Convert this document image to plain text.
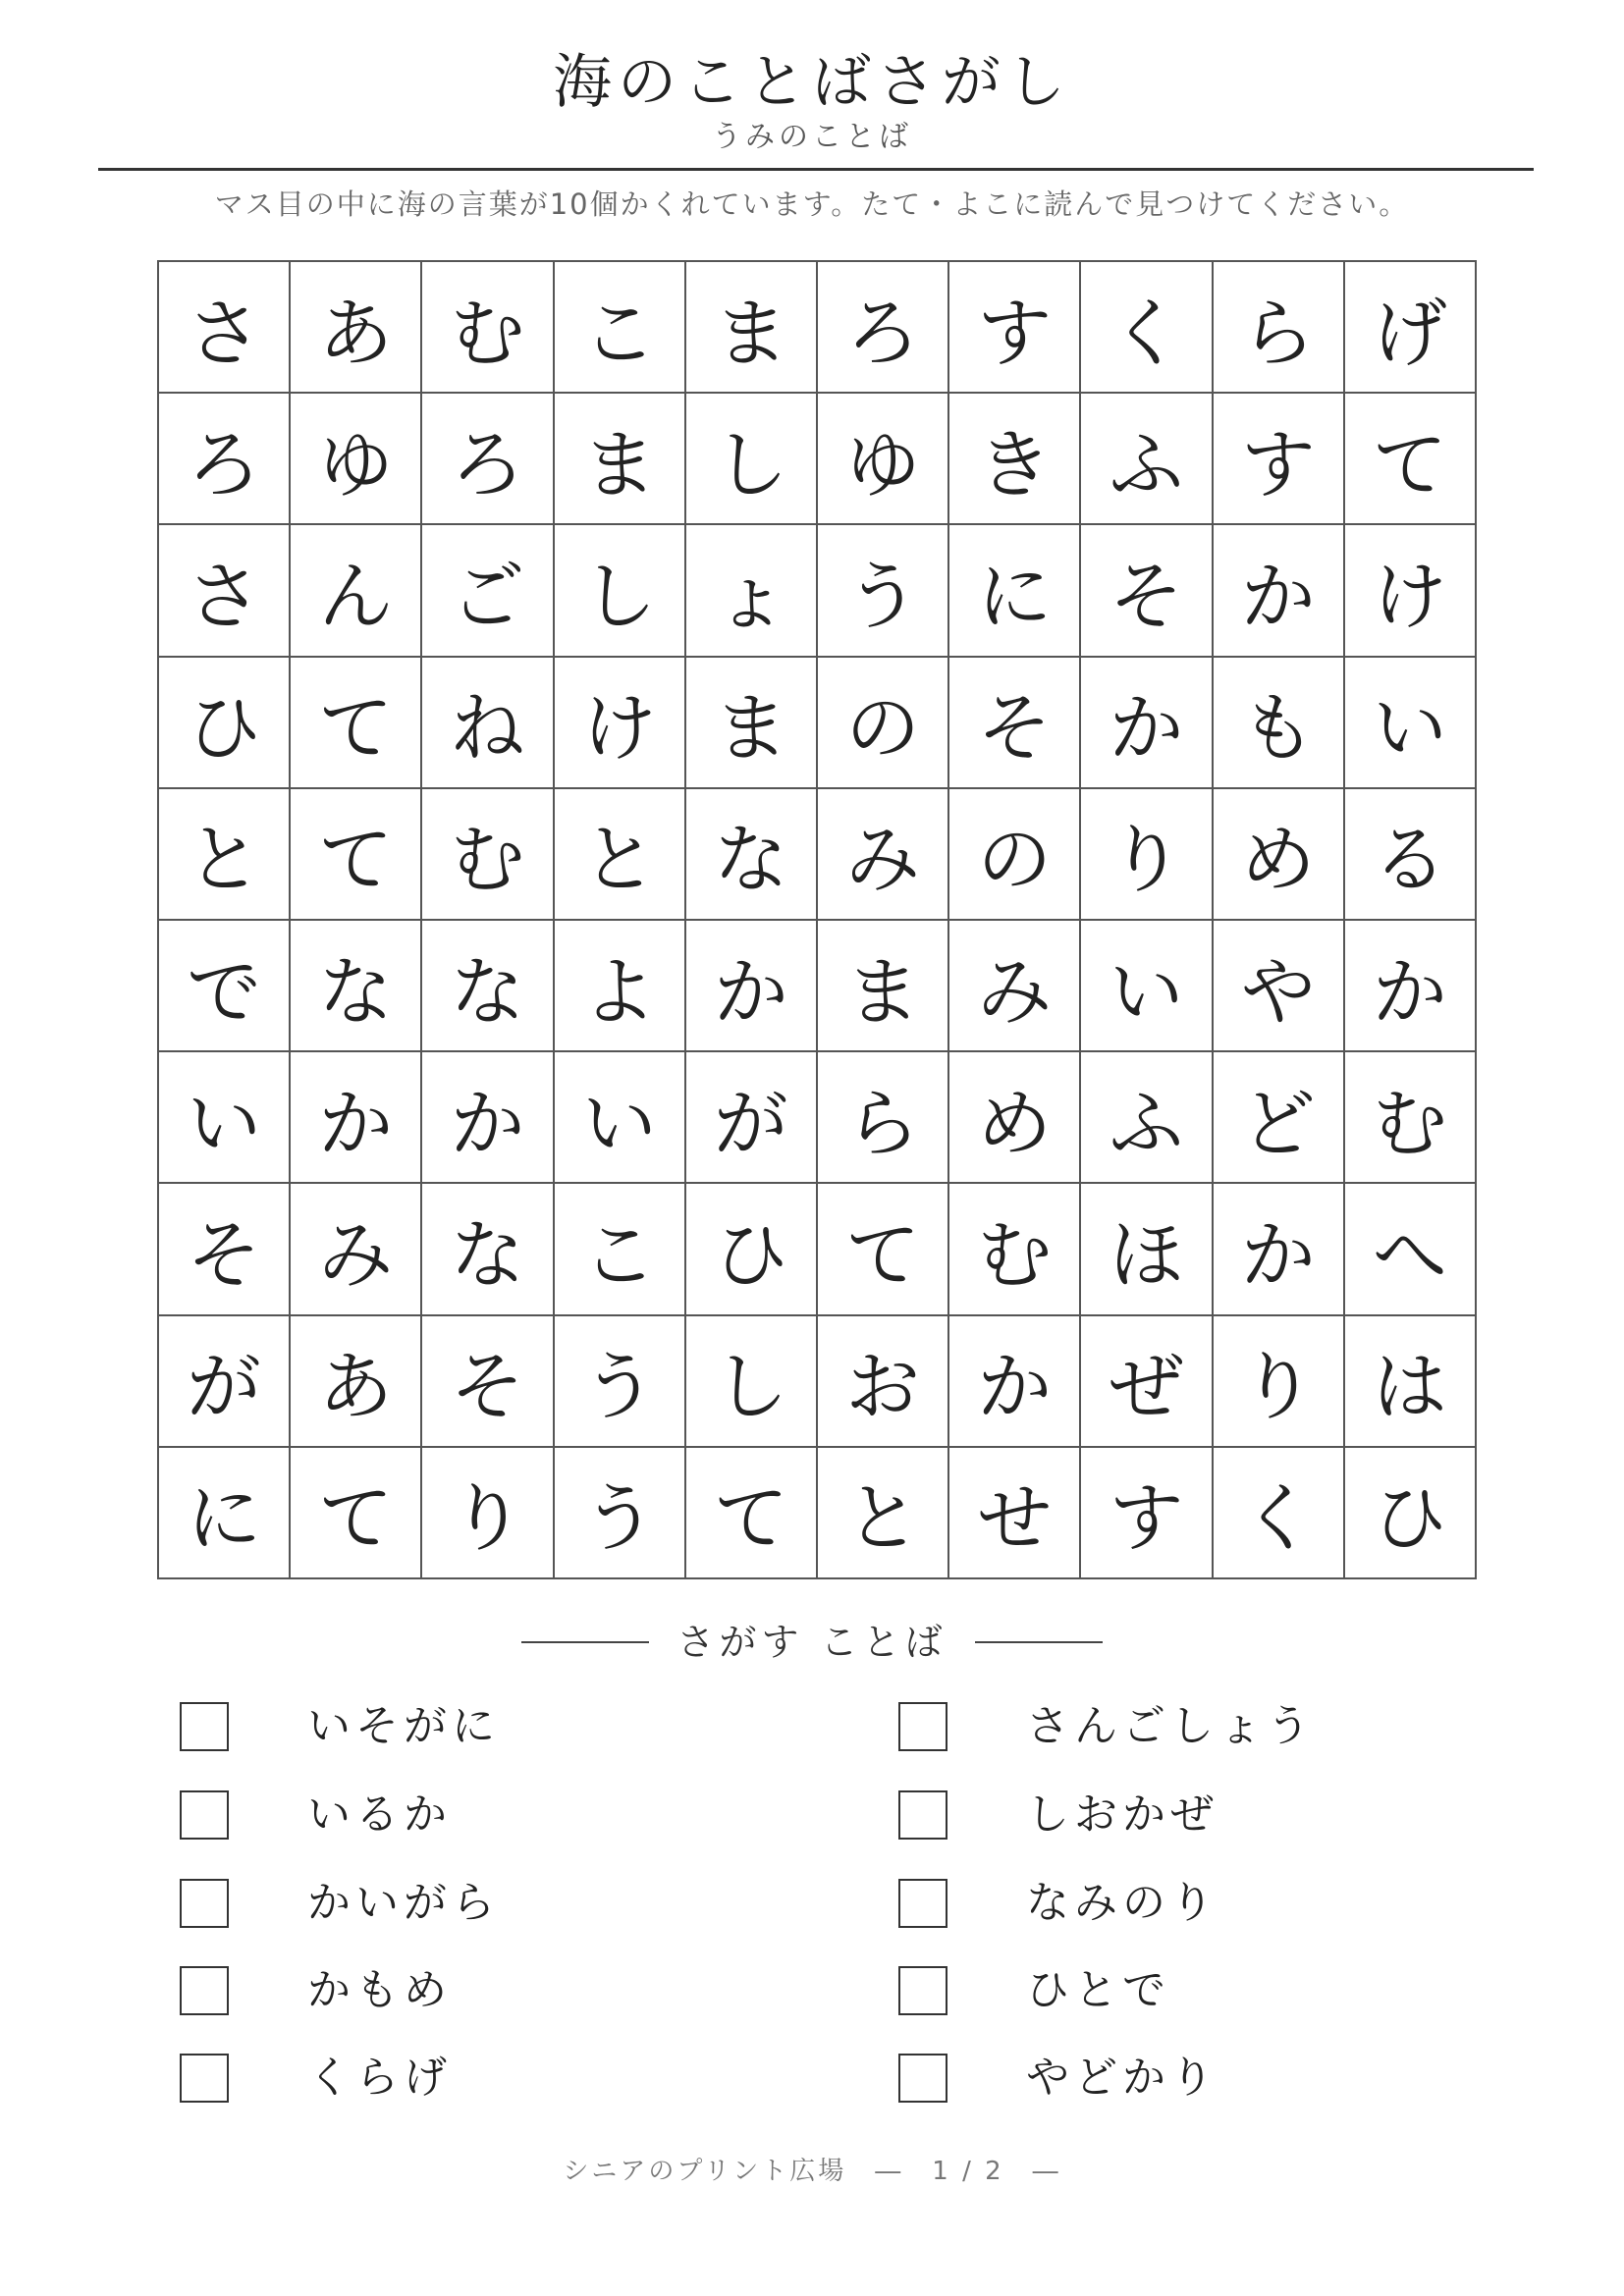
海のことばさがし
うみのことば
マス目の中に海の言葉が10個かくれています。たて・よこに読んで見つけてください。
さ あ む こ ま ろ す く ら げ
ろ ゆ ろ ま し ゆ き ふ す て
さ ん ご し ょ う に そ か け
ひ て ね け ま の そ か も い
と て む と な み の り め る
で な な よ か ま み い や か
い か か い が ら め ふ ど む
そ み な こ ひ て む ほ か へ
が あ そ う し お か ぜ り は
に て り う て と せ す く ひ
さがす ことば
いそがに
いるか
かいがら
かもめ
くらげ
さんごしょう
しおかぜ
なみのり
ひとで
やどかり
シニアのプリント広場　―　1 / 2　―
